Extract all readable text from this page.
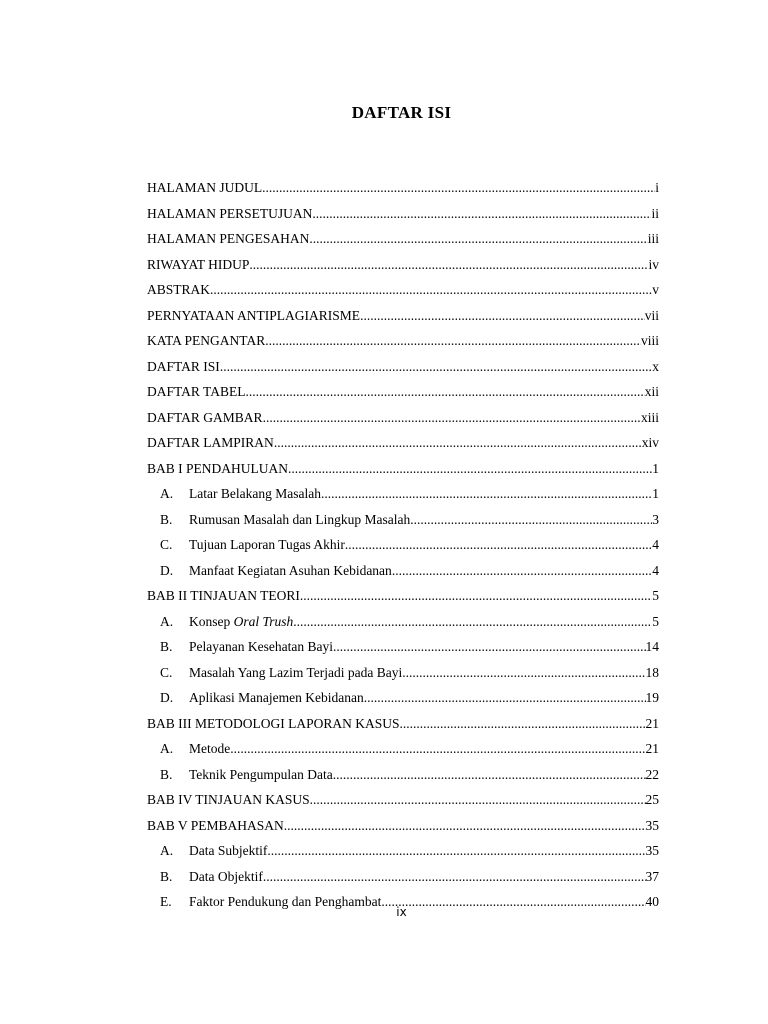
DAFTAR ISI
HALAMAN JUDUL .....	i
HALAMAN PERSETUJUAN .....	ii
HALAMAN PENGESAHAN .....	iii
RIWAYAT HIDUP .....	iv
ABSTRAK .....	v
PERNYATAAN ANTIPLAGIARISME .....	vii
KATA PENGANTAR .....	viii
DAFTAR ISI .....	x
DAFTAR TABEL .....	xii
DAFTAR GAMBAR .....	xiii
DAFTAR LAMPIRAN .....	xiv
BAB I PENDAHULUAN .....	1
A.	Latar Belakang Masalah .....	1
B.	Rumusan Masalah dan Lingkup Masalah .....	3
C.	Tujuan Laporan Tugas Akhir .....	4
D.	Manfaat Kegiatan Asuhan Kebidanan .....	4
BAB II TINJAUAN TEORI .....	5
A.	Konsep Oral Trush .....	5
B.	Pelayanan Kesehatan Bayi .....	14
C.	Masalah Yang Lazim Terjadi pada Bayi .....	18
D.	Aplikasi Manajemen Kebidanan .....	19
BAB III METODOLOGI LAPORAN KASUS .....	21
A.	Metode .....	21
B.	Teknik Pengumpulan Data .....	22
BAB IV TINJAUAN KASUS .....	25
BAB V PEMBAHASAN .....	35
A.	Data Subjektif .....	35
B.	Data Objektif .....	37
E.	Faktor Pendukung dan Penghambat .....	40
ix
